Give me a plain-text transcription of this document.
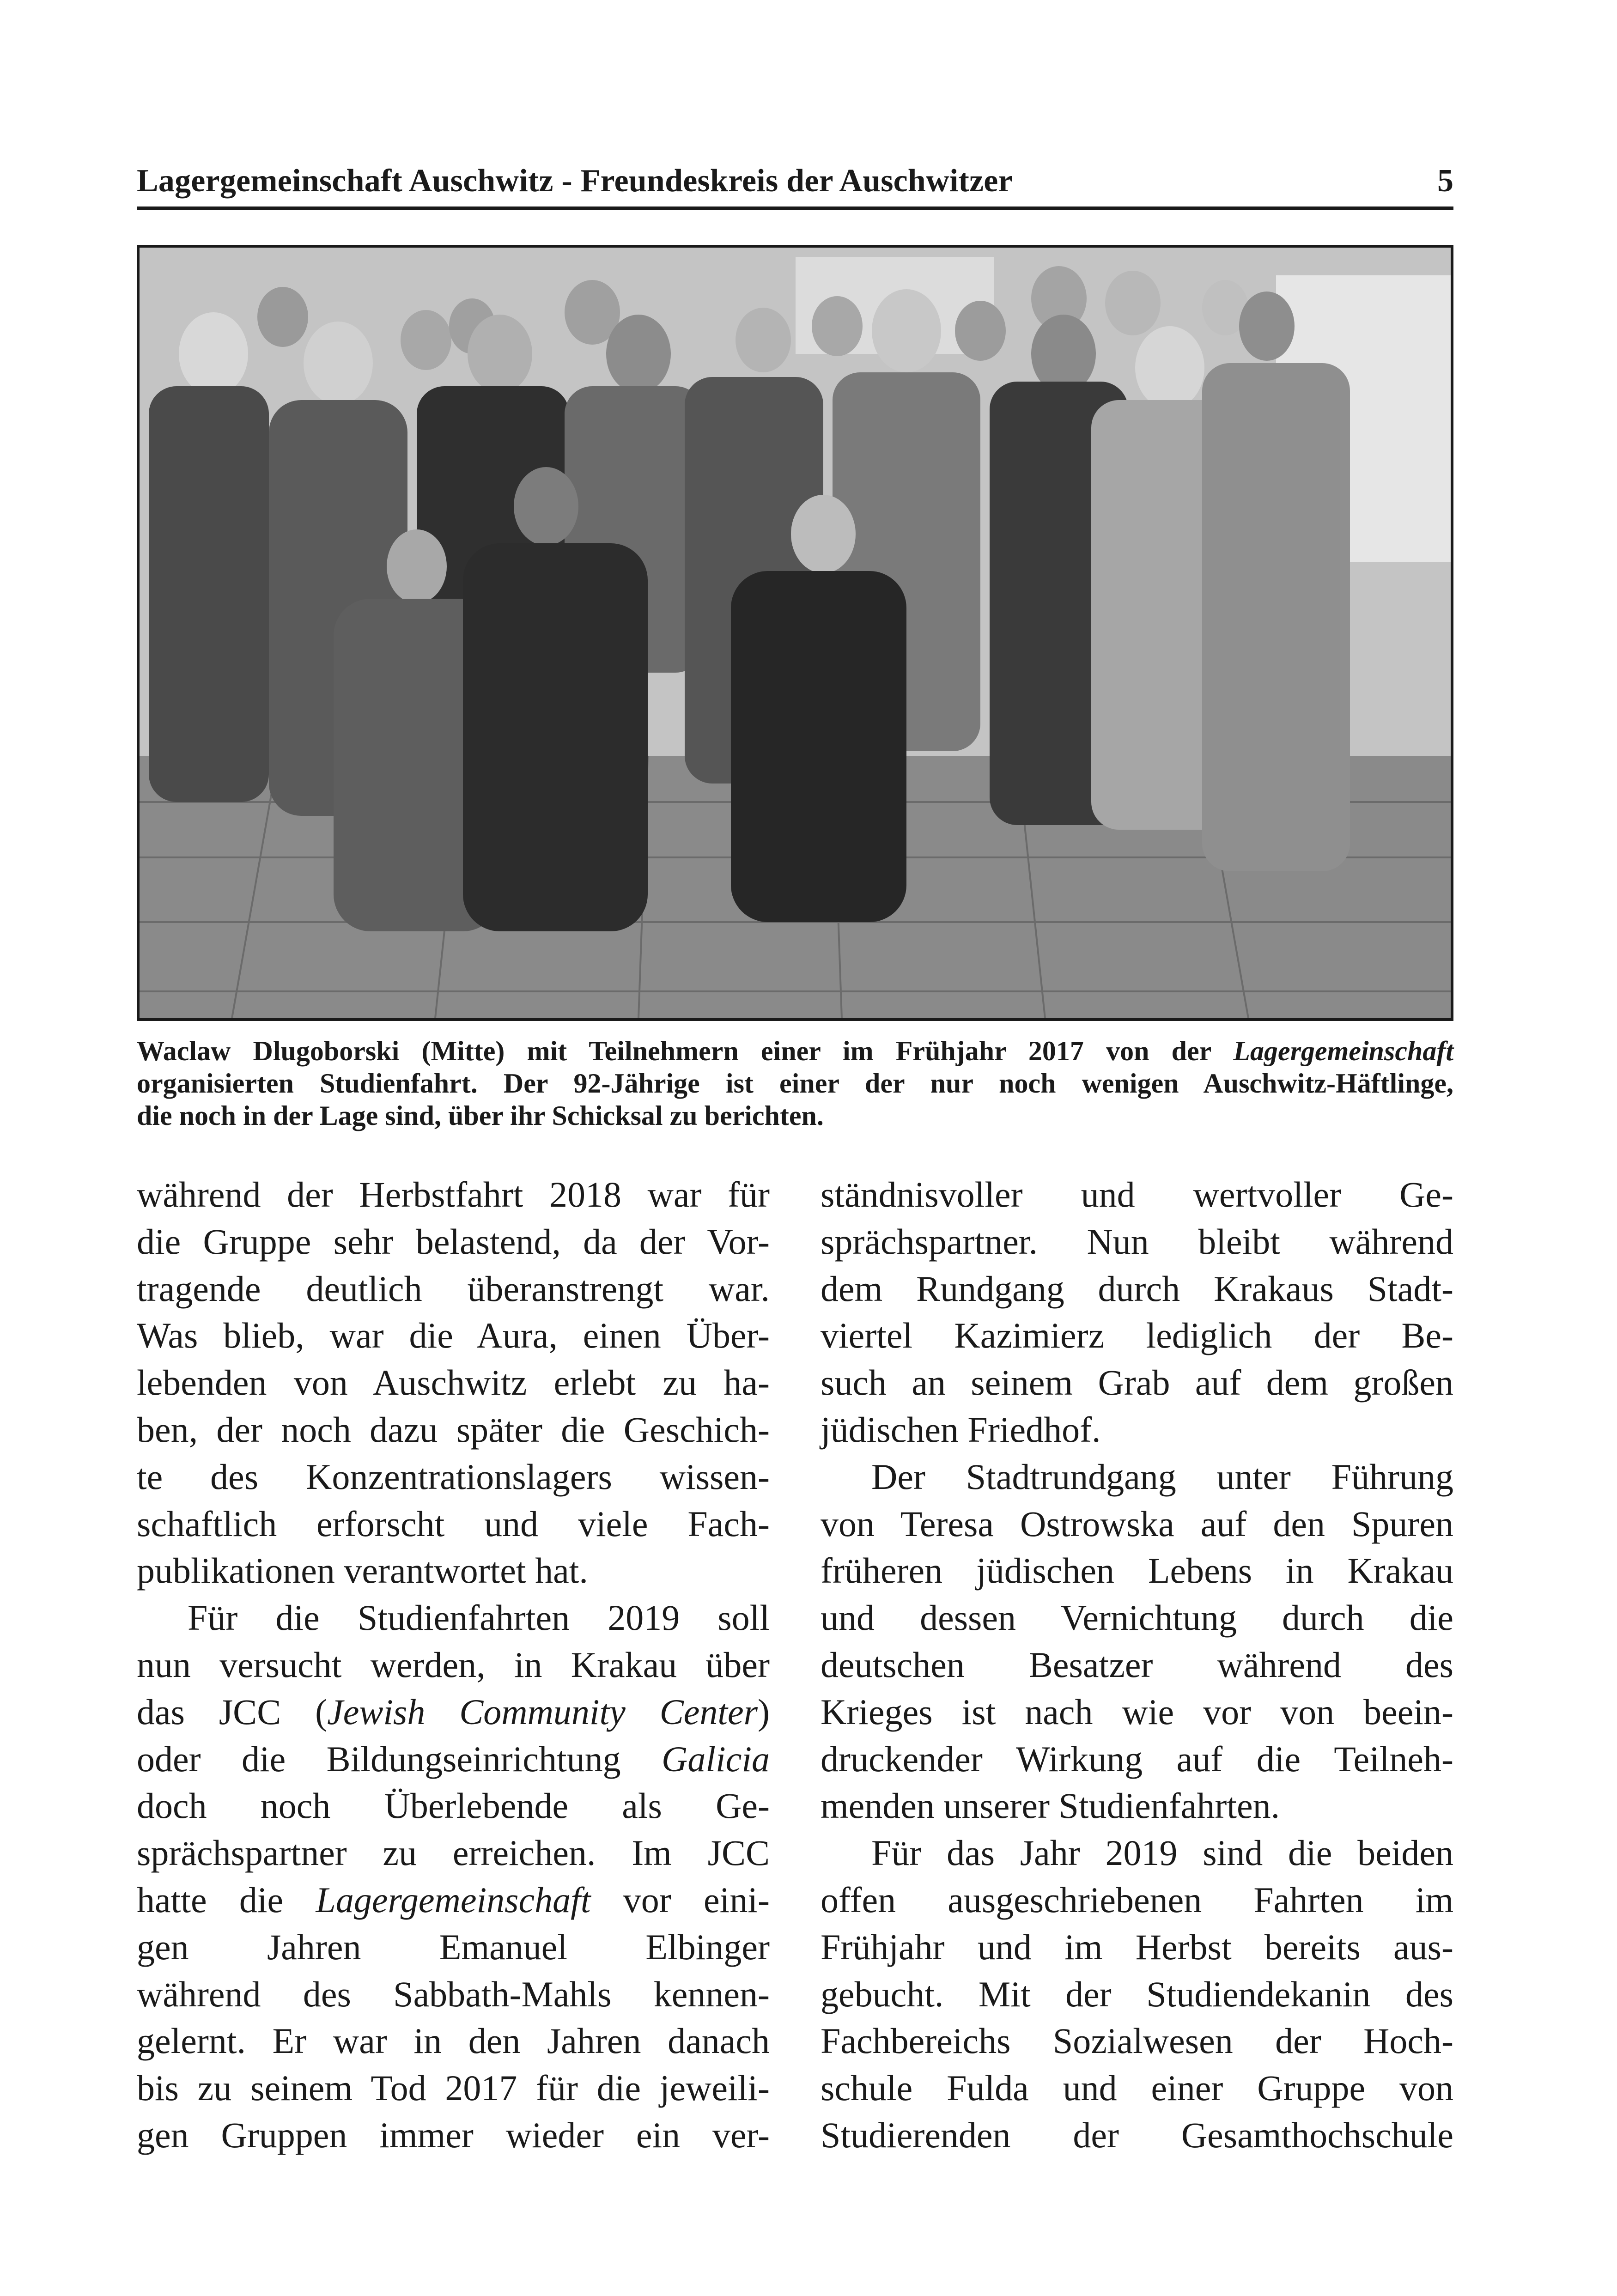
Lagergemeinschaft Auschwitz - Freundeskreis der Auschwitzer	5
Waclaw Dlugoborski (Mitte) mit Teilnehmern einer im Frühjahr 2017 von der Lagergemeinschaft
organisierten Studienfahrt. Der 92-Jährige ist einer der nur noch wenigen Auschwitz-Häftlinge,
die noch in der Lage sind, über ihr Schicksal zu berichten.
während der Herbstfahrt 2018 war für
die Gruppe sehr belastend, da der Vor-
tragende deutlich überanstrengt war.
Was blieb, war die Aura, einen Über-
lebenden von Auschwitz erlebt zu ha-
ben, der noch dazu später die Geschich-
te des Konzentrationslagers wissen-
schaftlich erforscht und viele Fach-
publikationen verantwortet hat.
Für die Studienfahrten 2019 soll
nun versucht werden, in Krakau über
das JCC (Jewish Community Center)
oder die Bildungseinrichtung Galicia
doch noch Überlebende als Ge-
sprächspartner zu erreichen. Im JCC
hatte die Lagergemeinschaft vor eini-
gen Jahren Emanuel Elbinger
während des Sabbath-Mahls kennen-
gelernt. Er war in den Jahren danach
bis zu seinem Tod 2017 für die jeweili-
gen Gruppen immer wieder ein ver-
ständnisvoller und wertvoller Ge-
sprächspartner. Nun bleibt während
dem Rundgang durch Krakaus Stadt-
viertel Kazimierz lediglich der Be-
such an seinem Grab auf dem großen
jüdischen Friedhof.
Der Stadtrundgang unter Führung
von Teresa Ostrowska auf den Spuren
früheren jüdischen Lebens in Krakau
und dessen Vernichtung durch die
deutschen Besatzer während des
Krieges ist nach wie vor von beein-
druckender Wirkung auf die Teilneh-
menden unserer Studienfahrten.
Für das Jahr 2019 sind die beiden
offen ausgeschriebenen Fahrten im
Frühjahr und im Herbst bereits aus-
gebucht. Mit der Studiendekanin des
Fachbereichs Sozialwesen der Hoch-
schule Fulda und einer Gruppe von
Studierenden der Gesamthochschule
